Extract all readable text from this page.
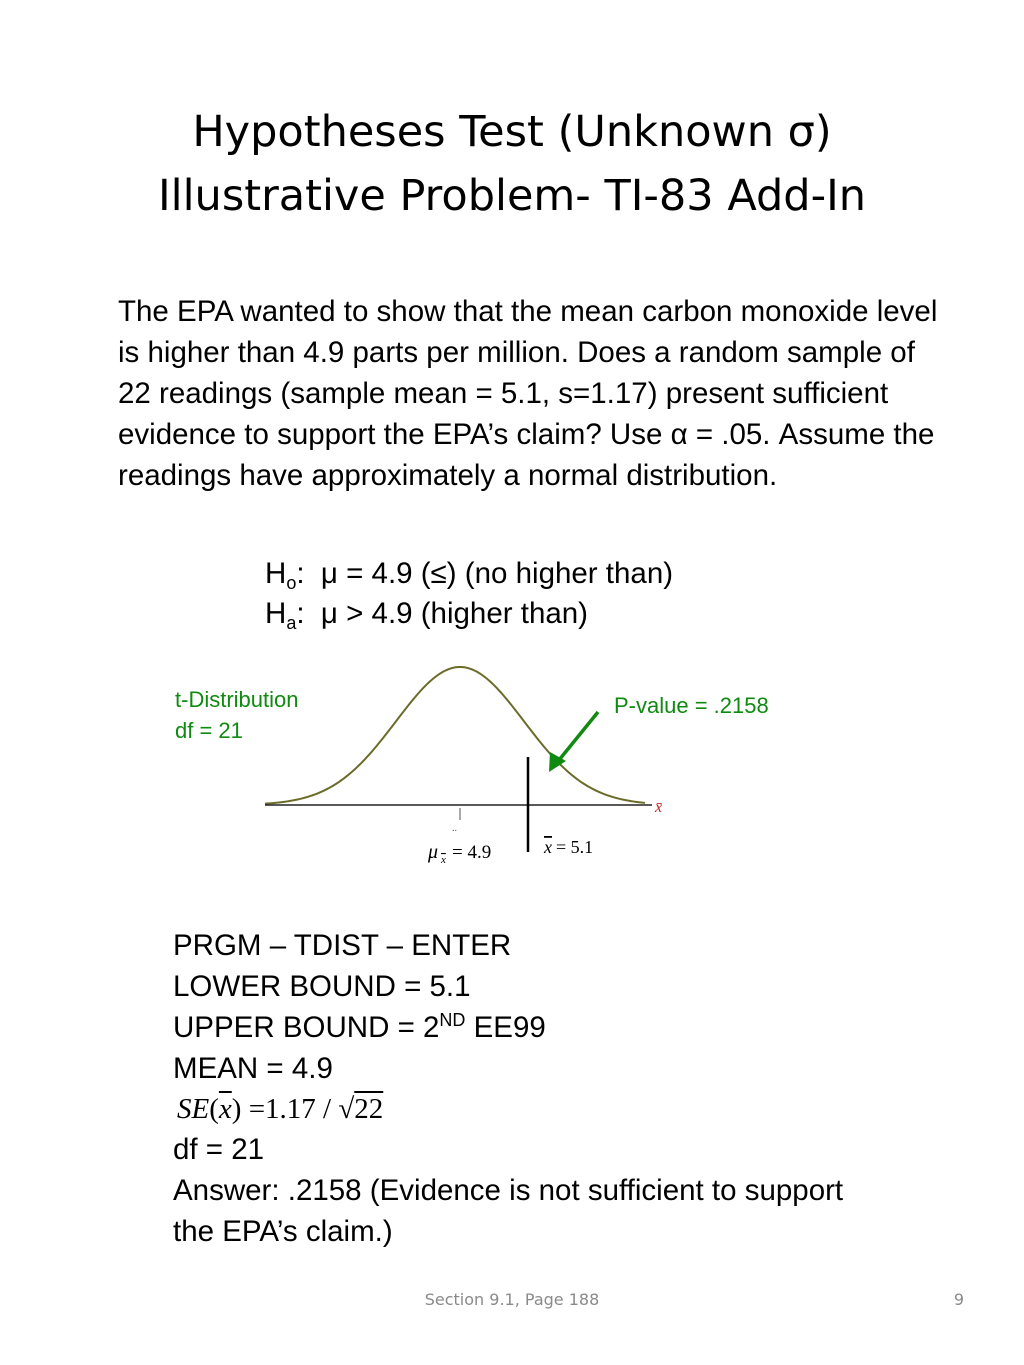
Hypotheses Test (Unknown σ)
Illustrative Problem- TI-83 Add-In

The EPA wanted to show that the mean carbon monoxide level is higher than 4.9 parts per million. Does a random sample of 22 readings (sample mean = 5.1, s=1.17) present sufficient evidence to support the EPA’s claim? Use α = .05. Assume the readings have approximately a normal distribution.

$H_o$:  μ = 4.9 (≤) (no higher than)
$H_a$:  μ > 4.9 (higher than)
t-Distribution
df = 21
P-value = .2158
x̄
..
μ x = 4.9	x = 5.1
PRGM – TDIST – ENTER
LOWER BOUND = 5.1
UPPER BOUND = 2ND EE99
MEAN = 4.9
$SE(\overline{x}) =1.17 / √22$
df = 21
Answer: .2158 (Evidence is not sufficient to support the EPA’s claim.)
Section 9.1, Page 188	9
